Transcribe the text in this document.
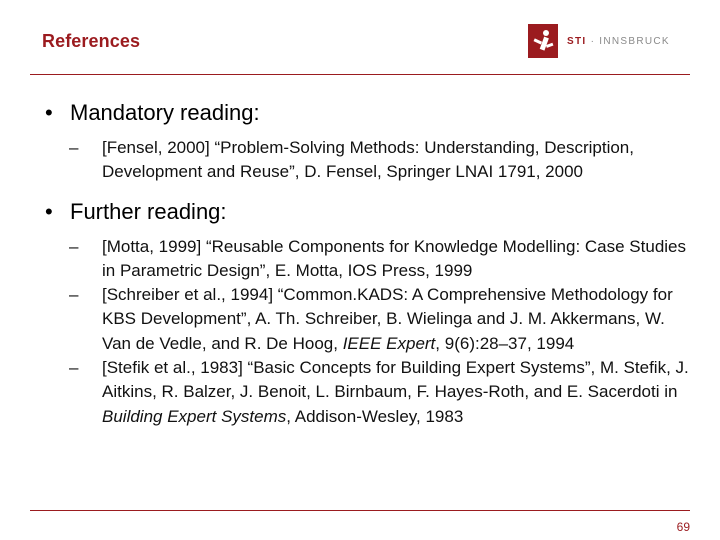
References	STI · INNSBRUCK
• Mandatory reading:
–	[Fensel, 2000] “Problem-Solving Methods: Understanding, Description, Development and Reuse”, D. Fensel, Springer LNAI 1791, 2000
• Further reading:
–	[Motta, 1999] “Reusable Components for Knowledge Modelling: Case Studies in Parametric Design”, E. Motta, IOS Press, 1999
–	[Schreiber et al., 1994] “Common.KADS: A Comprehensive Methodology for KBS Development”, A. Th. Schreiber, B. Wielinga and J. M. Akkermans, W. Van de Vedle, and R. De Hoog, IEEE Expert, 9(6):28–37, 1994
–	[Stefik et al., 1983] “Basic Concepts for Building Expert Systems”, M. Stefik, J. Aitkins, R. Balzer, J. Benoit, L. Birnbaum, F. Hayes-Roth, and E. Sacerdoti in Building Expert Systems, Addison-Wesley, 1983
69
